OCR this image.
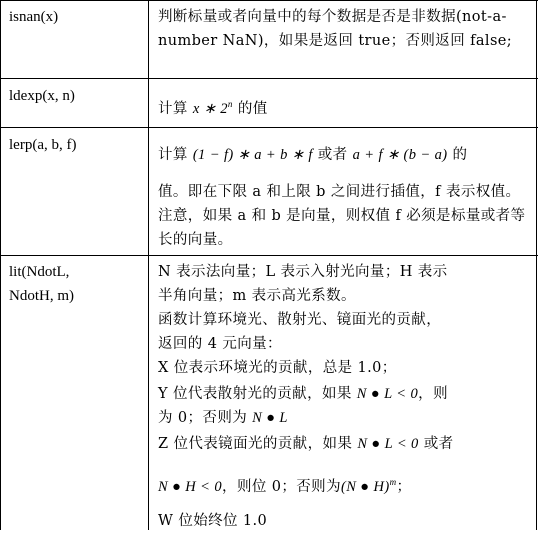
isnan(x)	判断标量或者向量中的每个数据是否是非数据(not-a-number NaN)，如果是返回 true；否则返回 false;
ldexp(x, n)
计算 x ∗ 2$^n$ 的值
lerp(a, b, f)
计算 (1 − f) ∗ a + b ∗ f 或者 a + f ∗ (b − a) 的
值。即在下限 a 和上限 b 之间进行插值，f 表示权值。注意，如果 a 和 b 是向量，则权值 f 必须是标量或者等长的向量。
lit(NdotL,
NdotH, m)
N 表示法向量；L 表示入射光向量；H 表示
半角向量；m 表示高光系数。
函数计算环境光、散射光、镜面光的贡献，
返回的 4 元向量：
X 位表示环境光的贡献，总是 1.0；
Y 位代表散射光的贡献，如果 N ● L < 0，则
为 0；否则为 N ● L
Z 位代表镜面光的贡献，如果 N ● L < 0 或者
N ● H < 0，则位 0；否则为(N ● H)$^m$；
W 位始终位 1.0
